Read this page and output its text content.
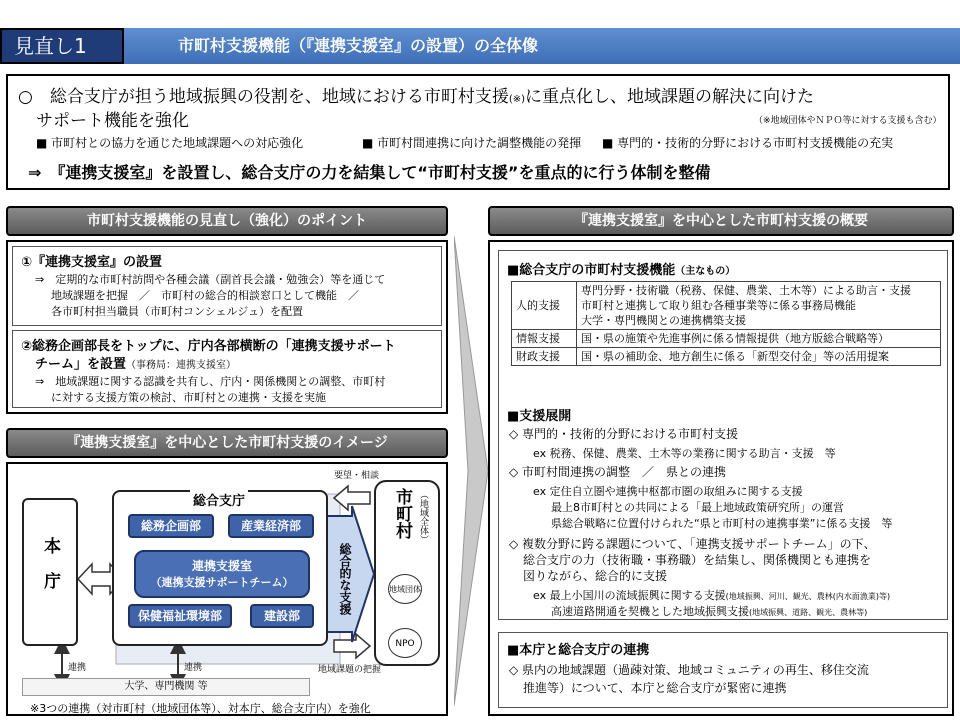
見直し1	市町村支援機能（『連携支援室』の設置）の全体像
○　総合支庁が担う地域振興の役割を、地域における市町村支援(※)に重点化し、地域課題の解決に向けた
サポート機能を強化	（※地域団体やＮＰＯ等に対する支援も含む）
■ 市町村との協力を通じた地域課題への対応強化	■ 市町村間連携に向けた調整機能の発揮 ■ 専門的・技術的分野における市町村支援機能の充実
⇒　『連携支援室』を設置し、総合支庁の力を結集して“市町村支援”を重点的に行う体制を整備
市町村支援機能の見直し（強化）のポイント
①『連携支援室』の設置
⇒　定期的な市町村訪問や各種会議（副首長会議・勉強会）等を通じて
地域課題を把握　／　市町村の総合的相談窓口として機能　／
各市町村担当職員（市町村コンシェルジュ）を配置
②総務企画部長をトップに、庁内各部横断の「連携支援サポート
チーム」を設置（事務局：連携支援室）
⇒　地域課題に関する認識を共有し、庁内・関係機関との調整、市町村
に対する支援方策の検討、市町村との連携・支援を実施
『連携支援室』を中心とした市町村支援のイメージ
本庁
総合支庁
総務企画部	産業経済部
連携支援室
（連携支援サポートチーム）
保健福祉環境部	建設部
総合的な支援
要望・相談
地域課題の把握
市町村 （地域全体）
地域団体
NPO
連携	連携
大学、専門機関 等
※3つの連携（対市町村（地域団体等）、対本庁、総合支庁内）を強化
『連携支援室』を中心とした市町村支援の概要
■総合支庁の市町村支援機能（主なもの）
人的支援	専門分野・技術職（税務、保健、農業、土木等）による助言・支援
市町村と連携して取り組む各種事業等に係る事務局機能
大学・専門機関との連携構築支援

情報支援	国・県の施策や先進事例に係る情報提供（地方版総合戦略等）
財政支援	国・県の補助金、地方創生に係る「新型交付金」等の活用提案
■支援展開
◇ 専門的・技術的分野における市町村支援
ex 税務、保健、農業、土木等の業務に関する助言・支援　等
◇ 市町村間連携の調整　／　県との連携
ex 定住自立圏や連携中枢都市圏の取組みに関する支援
最上8市町村との共同による「最上地域政策研究所」の運営
県総合戦略に位置付けられた“県と市町村の連携事業”に係る支援　等
◇ 複数分野に跨る課題について、「連携支援サポートチーム」の下、
総合支庁の力（技術職・事務職）を結集し、関係機関とも連携を
図りながら、総合的に支援
ex 最上小国川の流域振興に関する支援(地域振興、河川、観光、農林(内水面漁業)等)
高速道路開通を契機とした地域振興支援(地域振興、道路、観光、農林等)
■本庁と総合支庁の連携
◇ 県内の地域課題（過疎対策、地域コミュニティの再生、移住交流
推進等）について、本庁と総合支庁が緊密に連携
